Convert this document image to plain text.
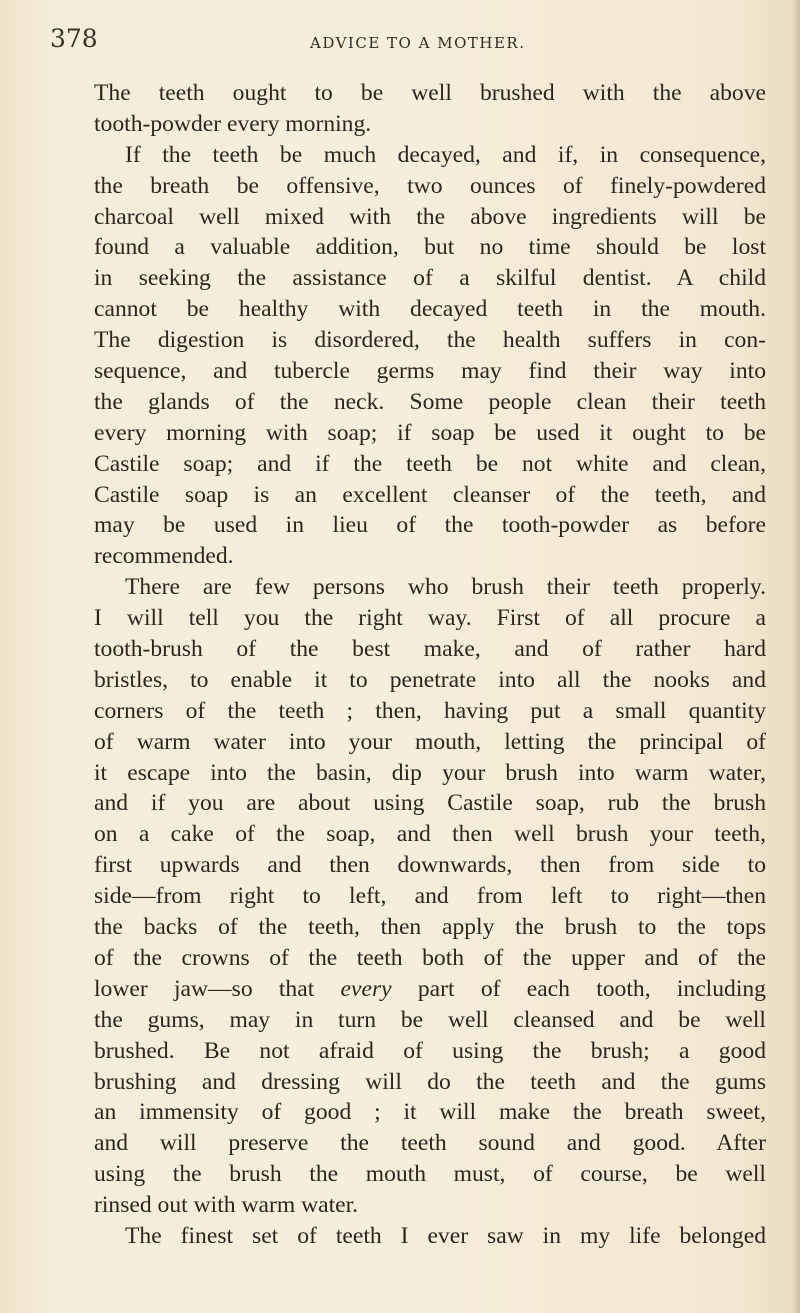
378	ADVICE TO A MOTHER.
The teeth ought to be well brushed with the above
tooth-powder every morning.
If the teeth be much decayed, and if, in consequence,
the breath be offensive, two ounces of finely-powdered
charcoal well mixed with the above ingredients will be
found a valuable addition, but no time should be lost
in seeking the assistance of a skilful dentist. A child
cannot be healthy with decayed teeth in the mouth.
The digestion is disordered, the health suffers in con-
sequence, and tubercle germs may find their way into
the glands of the neck. Some people clean their teeth
every morning with soap; if soap be used it ought to be
Castile soap; and if the teeth be not white and clean,
Castile soap is an excellent cleanser of the teeth, and
may be used in lieu of the tooth-powder as before
recommended.
There are few persons who brush their teeth properly.
I will tell you the right way. First of all procure a
tooth-brush of the best make, and of rather hard
bristles, to enable it to penetrate into all the nooks and
corners of the teeth ; then, having put a small quantity
of warm water into your mouth, letting the principal of
it escape into the basin, dip your brush into warm water,
and if you are about using Castile soap, rub the brush
on a cake of the soap, and then well brush your teeth,
first upwards and then downwards, then from side to
side—from right to left, and from left to right—then
the backs of the teeth, then apply the brush to the tops
of the crowns of the teeth both of the upper and of the
lower jaw—so that every part of each tooth, including
the gums, may in turn be well cleansed and be well
brushed. Be not afraid of using the brush; a good
brushing and dressing will do the teeth and the gums
an immensity of good ; it will make the breath sweet,
and will preserve the teeth sound and good. After
using the brush the mouth must, of course, be well
rinsed out with warm water.
The finest set of teeth I ever saw in my life belonged
